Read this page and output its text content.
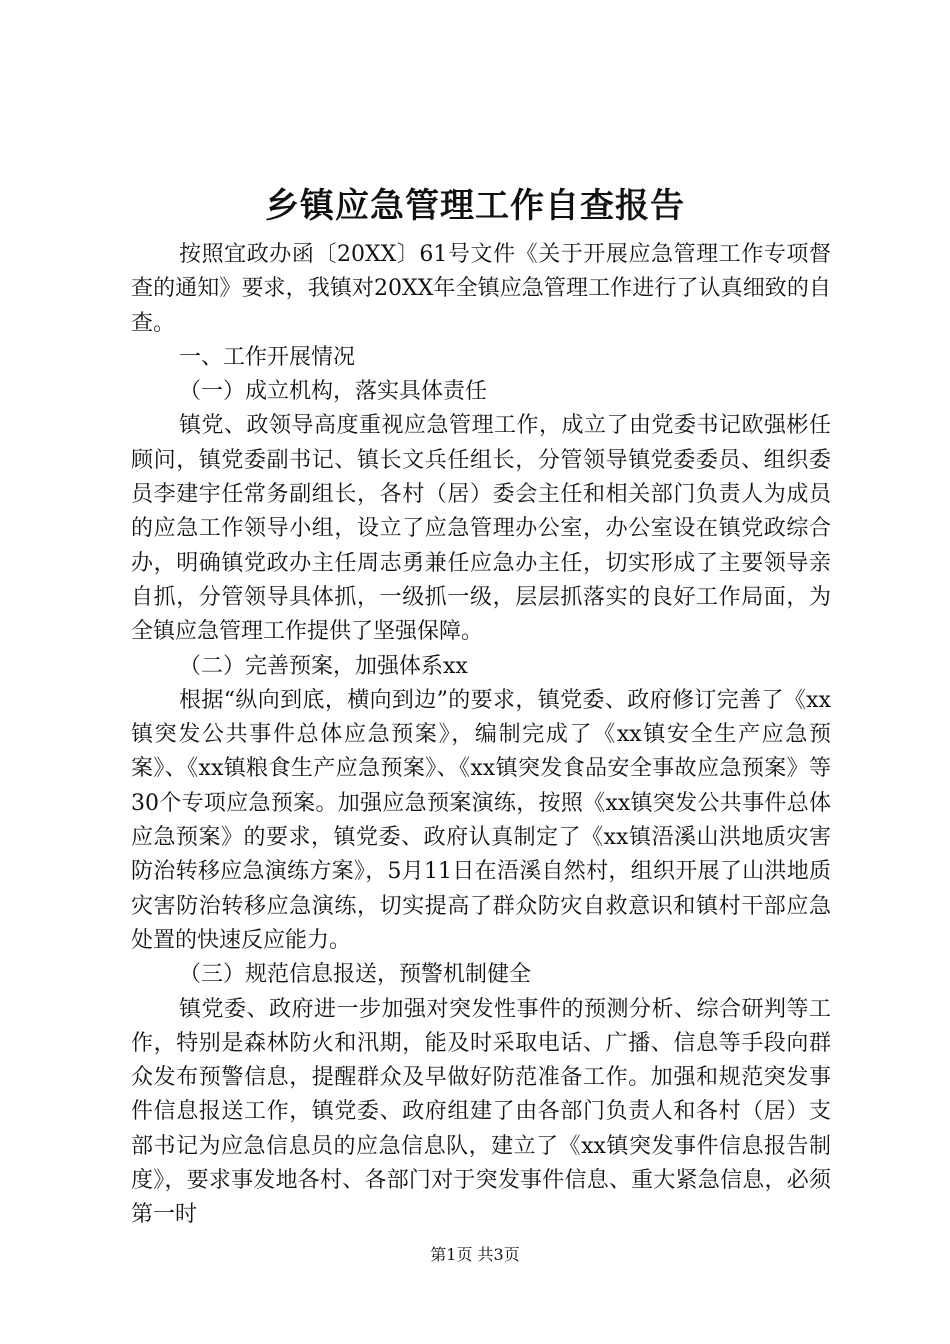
乡镇应急管理工作自查报告

按照宜政办函〔20XX〕61号文件《关于开展应急管理工作专项督查的通知》要求，我镇对20XX年全镇应急管理工作进行了认真细致的自查。

一、工作开展情况

（一）成立机构，落实具体责任

镇党、政领导高度重视应急管理工作，成立了由党委书记欧强彬任顾问，镇党委副书记、镇长文兵任组长，分管领导镇党委委员、组织委员李建宇任常务副组长，各村（居）委会主任和相关部门负责人为成员的应急工作领导小组，设立了应急管理办公室，办公室设在镇党政综合办，明确镇党政办主任周志勇兼任应急办主任，切实形成了主要领导亲自抓，分管领导具体抓，一级抓一级，层层抓落实的良好工作局面，为全镇应急管理工作提供了坚强保障。

（二）完善预案，加强体系xx

根据“纵向到底，横向到边”的要求，镇党委、政府修订完善了《xx镇突发公共事件总体应急预案》，编制完成了《xx镇安全生产应急预案》、《xx镇粮食生产应急预案》、《xx镇突发食品安全事故应急预案》等30个专项应急预案。加强应急预案演练，按照《xx镇突发公共事件总体应急预案》的要求，镇党委、政府认真制定了《xx镇浯溪山洪地质灾害防治转移应急演练方案》，5月11日在浯溪自然村，组织开展了山洪地质灾害防治转移应急演练，切实提高了群众防灾自救意识和镇村干部应急处置的快速反应能力。

（三）规范信息报送，预警机制健全

镇党委、政府进一步加强对突发性事件的预测分析、综合研判等工作，特别是森林防火和汛期，能及时采取电话、广播、信息等手段向群众发布预警信息，提醒群众及早做好防范准备工作。加强和规范突发事件信息报送工作，镇党委、政府组建了由各部门负责人和各村（居）支部书记为应急信息员的应急信息队，建立了《xx镇突发事件信息报告制度》，要求事发地各村、各部门对于突发事件信息、重大紧急信息，必须第一时

第1页 共3页
